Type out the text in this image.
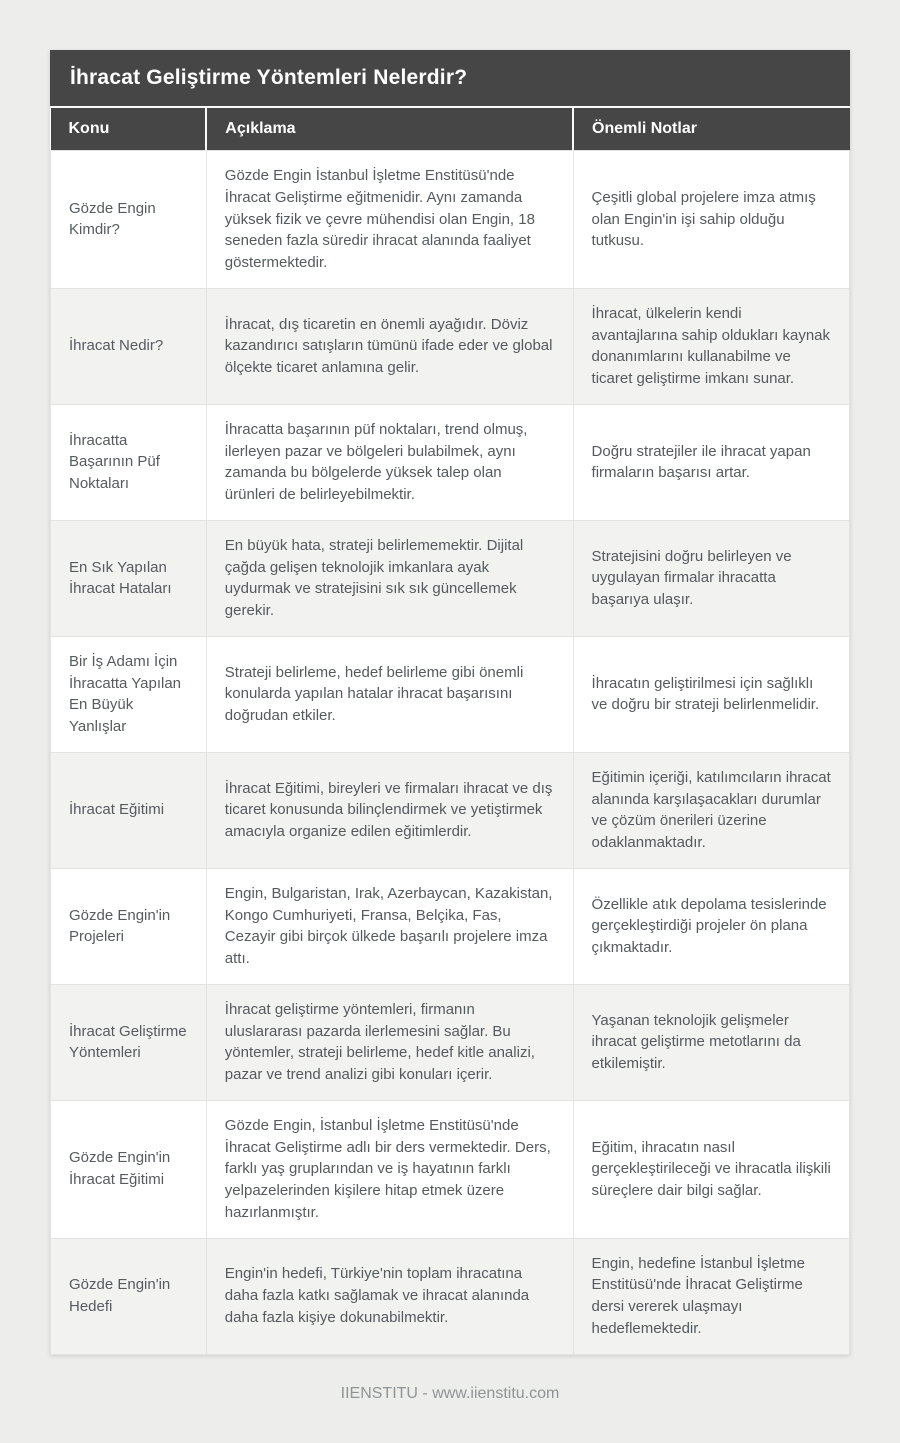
İhracat Geliştirme Yöntemleri Nelerdir?
Konu	Açıklama	Önemli Notlar
Gözde Engin Kimdir?	Gözde Engin İstanbul İşletme Enstitüsü'nde İhracat Geliştirme eğitmenidir. Aynı zamanda yüksek fizik ve çevre mühendisi olan Engin, 18 seneden fazla süredir ihracat alanında faaliyet göstermektedir.	Çeşitli global projelere imza atmış olan Engin'in işi sahip olduğu tutkusu.
İhracat Nedir?	İhracat, dış ticaretin en önemli ayağıdır. Döviz kazandırıcı satışların tümünü ifade eder ve global ölçekte ticaret anlamına gelir.	İhracat, ülkelerin kendi avantajlarına sahip oldukları kaynak donanımlarını kullanabilme ve ticaret geliştirme imkanı sunar.
İhracatta Başarının Püf Noktaları	İhracatta başarının püf noktaları, trend olmuş, ilerleyen pazar ve bölgeleri bulabilmek, aynı zamanda bu bölgelerde yüksek talep olan ürünleri de belirleyebilmektir.	Doğru stratejiler ile ihracat yapan firmaların başarısı artar.
En Sık Yapılan İhracat Hataları	En büyük hata, strateji belirlememektir. Dijital çağda gelişen teknolojik imkanlara ayak uydurmak ve stratejisini sık sık güncellemek gerekir.	Stratejisini doğru belirleyen ve uygulayan firmalar ihracatta başarıya ulaşır.
Bir İş Adamı İçin İhracatta Yapılan En Büyük Yanlışlar	Strateji belirleme, hedef belirleme gibi önemli konularda yapılan hatalar ihracat başarısını doğrudan etkiler.	İhracatın geliştirilmesi için sağlıklı ve doğru bir strateji belirlenmelidir.
İhracat Eğitimi	İhracat Eğitimi, bireyleri ve firmaları ihracat ve dış ticaret konusunda bilinçlendirmek ve yetiştirmek amacıyla organize edilen eğitimlerdir.	Eğitimin içeriği, katılımcıların ihracat alanında karşılaşacakları durumlar ve çözüm önerileri üzerine odaklanmaktadır.
Gözde Engin'in Projeleri	Engin, Bulgaristan, Irak, Azerbaycan, Kazakistan, Kongo Cumhuriyeti, Fransa, Belçika, Fas, Cezayir gibi birçok ülkede başarılı projelere imza attı.	Özellikle atık depolama tesislerinde gerçekleştirdiği projeler ön plana çıkmaktadır.
İhracat Geliştirme Yöntemleri	İhracat geliştirme yöntemleri, firmanın uluslararası pazarda ilerlemesini sağlar. Bu yöntemler, strateji belirleme, hedef kitle analizi, pazar ve trend analizi gibi konuları içerir.	Yaşanan teknolojik gelişmeler ihracat geliştirme metotlarını da etkilemiştir.
Gözde Engin'in İhracat Eğitimi	Gözde Engin, İstanbul İşletme Enstitüsü'nde İhracat Geliştirme adlı bir ders vermektedir. Ders, farklı yaş gruplarından ve iş hayatının farklı yelpazelerinden kişilere hitap etmek üzere hazırlanmıştır.	Eğitim, ihracatın nasıl gerçekleştirileceği ve ihracatla ilişkili süreçlere dair bilgi sağlar.
Gözde Engin'in Hedefi	Engin'in hedefi, Türkiye'nin toplam ihracatına daha fazla katkı sağlamak ve ihracat alanında daha fazla kişiye dokunabilmektir.	Engin, hedefine İstanbul İşletme Enstitüsü'nde İhracat Geliştirme dersi vererek ulaşmayı hedeflemektedir.
IIENSTITU - www.iienstitu.com
